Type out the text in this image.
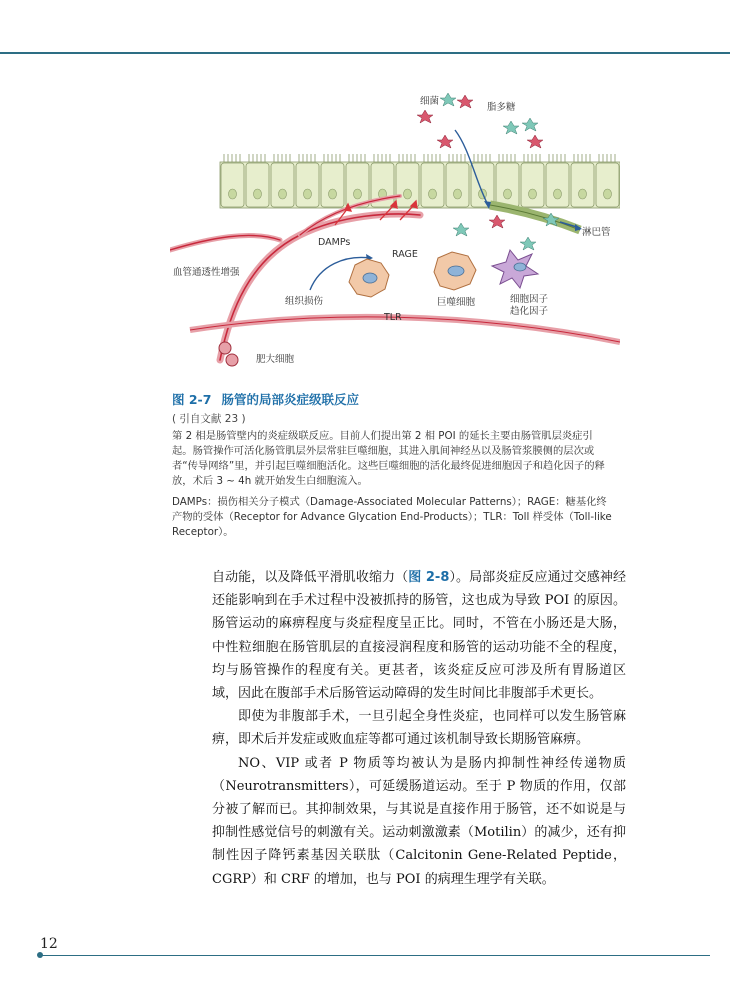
细菌
脂多糖
淋巴管
DAMPs
RAGE
血管通透性增强
组织损伤
TLR
巨噬细胞	细胞因子
趋化因子
肥大细胞
图 2-7 肠管的局部炎症级联反应
( 引自文献 23 )
第 2 相是肠管壁内的炎症级联反应。目前人们提出第 2 相 POI 的延长主要由肠管肌层炎症引起。肠管操作可活化肠管肌层外层常驻巨噬细胞，其进入肌间神经丛以及肠管浆膜侧的层次或者“传导网络”里，并引起巨噬细胞活化。这些巨噬细胞的活化最终促进细胞因子和趋化因子的释放，术后 3 ~ 4h 就开始发生白细胞流入。
DAMPs：损伤相关分子模式（Damage-Associated Molecular Patterns）；RAGE：糖基化终产物的受体（Receptor for Advance Glycation End-Products）；TLR：Toll 样受体（Toll-like Receptor）。

自动能，以及降低平滑肌收缩力（图 2-8）。局部炎症反应通过交感神经还能影响到在手术过程中没被抓持的肠管，这也成为导致 POI 的原因。肠管运动的麻痹程度与炎症程度呈正比。同时，不管在小肠还是大肠，中性粒细胞在肠管肌层的直接浸润程度和肠管的运动功能不全的程度，均与肠管操作的程度有关。更甚者，该炎症反应可涉及所有胃肠道区域，因此在腹部手术后肠管运动障碍的发生时间比非腹部手术更长。

即使为非腹部手术，一旦引起全身性炎症，也同样可以发生肠管麻痹，即术后并发症或败血症等都可通过该机制导致长期肠管麻痹。

NO、VIP 或者 P 物质等均被认为是肠内抑制性神经传递物质（Neurotransmitters），可延缓肠道运动。至于 P 物质的作用，仅部分被了解而已。其抑制效果，与其说是直接作用于肠管，还不如说是与抑制性感觉信号的刺激有关。运动刺激激素（Motilin）的减少，还有抑制性因子降钙素基因关联肽（Calcitonin Gene-Related Peptide，CGRP）和 CRF 的增加，也与 POI 的病理生理学有关联。

12
